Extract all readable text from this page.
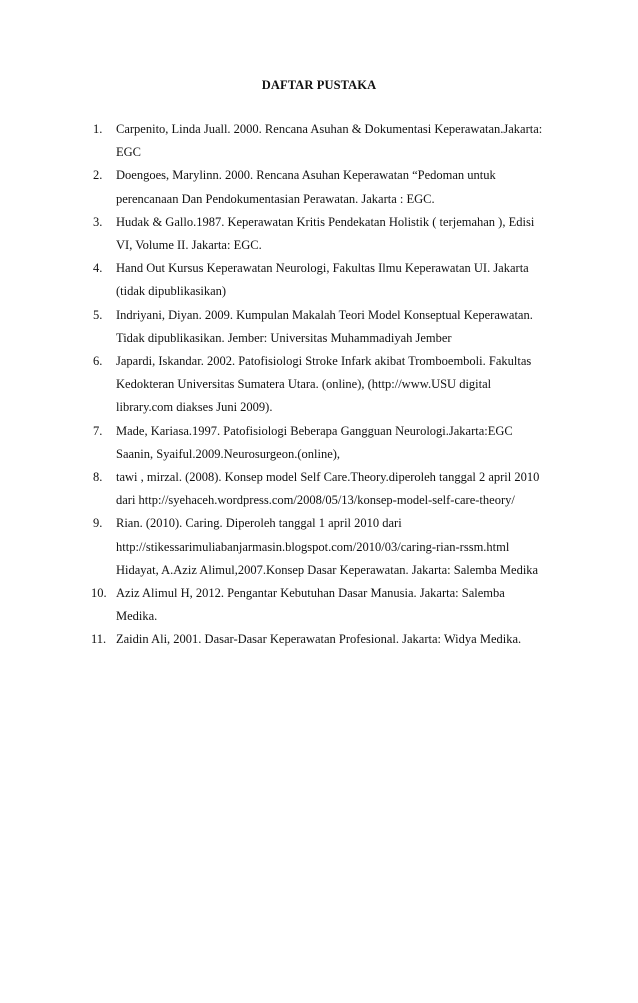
DAFTAR PUSTAKA
1. Carpenito, Linda Juall. 2000. Rencana Asuhan & Dokumentasi Keperawatan.Jakarta:
EGC
2. Doengoes, Marylinn. 2000. Rencana Asuhan Keperawatan “Pedoman untuk
perencanaan Dan Pendokumentasian Perawatan. Jakarta : EGC.
3. Hudak & Gallo.1987. Keperawatan Kritis Pendekatan Holistik ( terjemahan ), Edisi
VI, Volume II. Jakarta: EGC.
4. Hand Out Kursus Keperawatan Neurologi, Fakultas Ilmu Keperawatan UI. Jakarta
(tidak dipublikasikan)
5. Indriyani, Diyan. 2009. Kumpulan Makalah Teori Model Konseptual Keperawatan.
Tidak dipublikasikan. Jember: Universitas Muhammadiyah Jember
6. Japardi, Iskandar. 2002. Patofisiologi Stroke Infark akibat Tromboemboli. Fakultas
Kedokteran Universitas Sumatera Utara. (online), (http://www.USU digital
library.com diakses Juni 2009).
7. Made, Kariasa.1997. Patofisiologi Beberapa Gangguan Neurologi.Jakarta:EGC
Saanin, Syaiful.2009.Neurosurgeon.(online),
8. tawi , mirzal. (2008). Konsep model Self Care.Theory.diperoleh tanggal 2 april 2010
dari http://syehaceh.wordpress.com/2008/05/13/konsep-model-self-care-theory/
9. Rian. (2010). Caring. Diperoleh tanggal 1 april 2010 dari
http://stikessarimuliabanjarmasin.blogspot.com/2010/03/caring-rian-rssm.html
Hidayat, A.Aziz Alimul,2007.Konsep Dasar Keperawatan. Jakarta: Salemba Medika
10. Aziz Alimul H, 2012. Pengantar Kebutuhan Dasar Manusia. Jakarta: Salemba
Medika.
11. Zaidin Ali, 2001. Dasar-Dasar Keperawatan Profesional. Jakarta: Widya Medika.
